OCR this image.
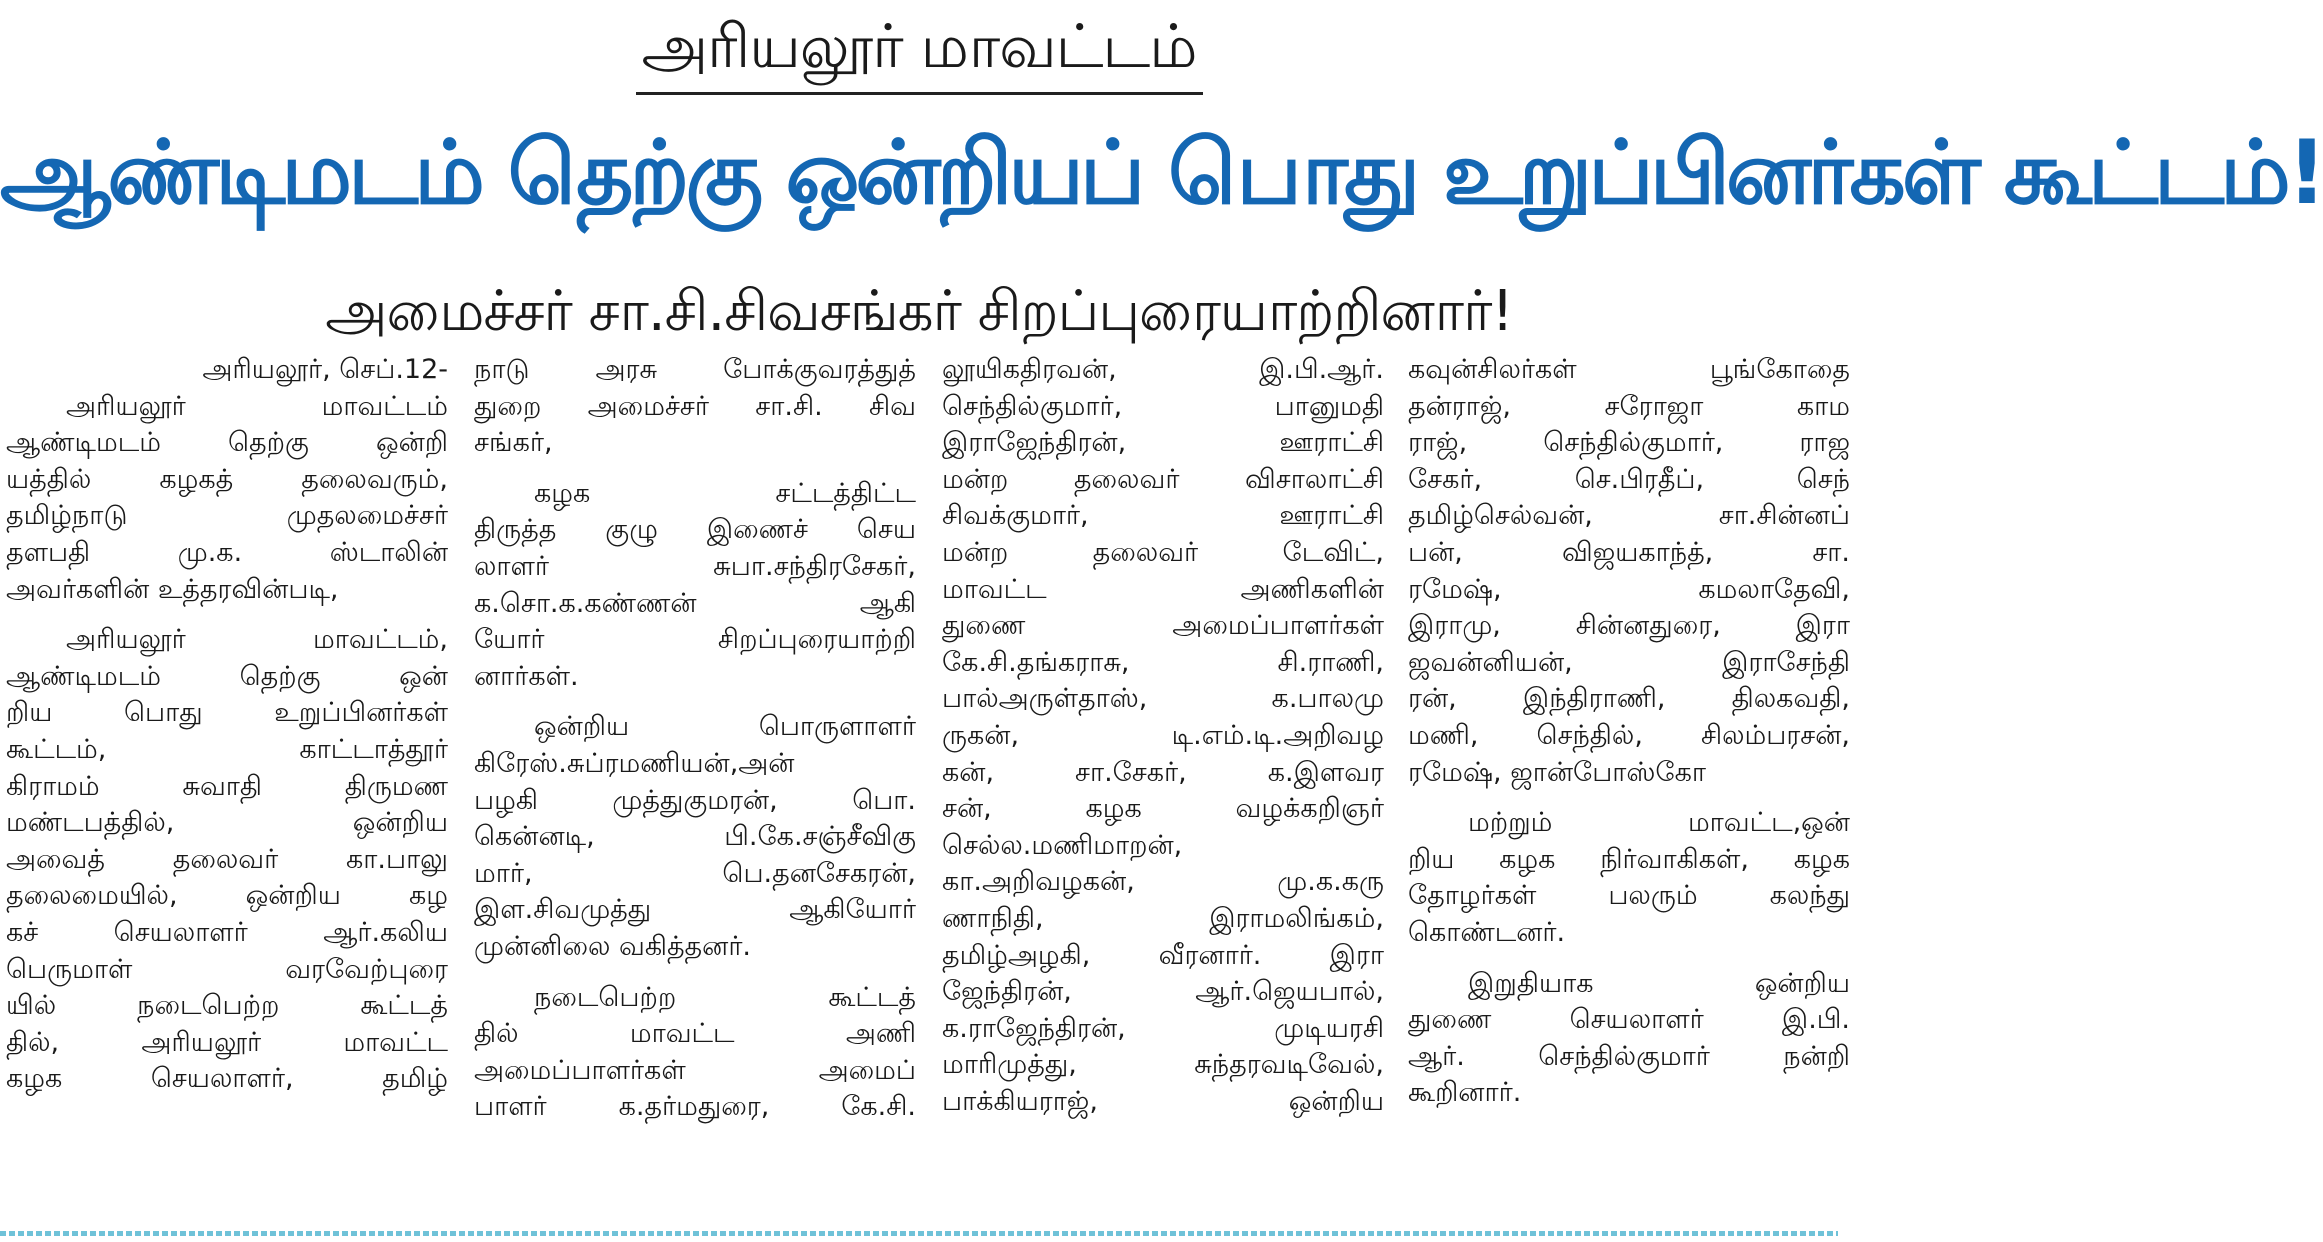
அரியலூர் மாவட்டம்
ஆண்டிமடம் தெற்கு ஒன்றியப் பொது உறுப்பினர்கள் கூட்டம்!
அமைச்சர் சா.சி.சிவசங்கர் சிறப்புரையாற்றினார்!
அரியலூர், செப்.12-
அரியலூர் மாவட்டம்
ஆண்டிமடம் தெற்கு ஒன்றி
யத்தில் கழகத் தலைவரும்,
தமிழ்நாடு முதலமைச்சர்
தளபதி மு.க. ஸ்டாலின்
அவர்களின் உத்தரவின்படி,
அரியலூர் மாவட்டம்,
ஆண்டிமடம் தெற்கு ஒன்
றிய பொது உறுப்பினர்கள்
கூட்டம், காட்டாத்தூர்
கிராமம் சுவாதி திருமண
மண்டபத்தில், ஒன்றிய
அவைத் தலைவர் கா.பாலு
தலைமையில், ஒன்றிய கழ
கச் செயலாளர் ஆர்.கலிய
பெருமாள் வரவேற்புரை
யில் நடைபெற்ற கூட்டத்
தில், அரியலூர் மாவட்ட
கழக செயலாளர், தமிழ்
நாடு அரசு போக்குவரத்துத்
துறை அமைச்சர் சா.சி. சிவ
சங்கர்,
கழக சட்டத்திட்ட
திருத்த குழு இணைச் செய
லாளர் சுபா.சந்திரசேகர்,
க.சொ.க.கண்ணன் ஆகி
யோர் சிறப்புரையாற்றி
னார்கள்.
ஒன்றிய பொருளாளர்
கிரேஸ்.சுப்ரமணியன்,அன்
பழகி முத்துகுமரன், பொ.
கென்னடி, பி.கே.சஞ்சீவிகு
மார், பெ.தனசேகரன்,
இள.சிவமுத்து ஆகியோர்
முன்னிலை வகித்தனர்.
நடைபெற்ற கூட்டத்
தில் மாவட்ட அணி
அமைப்பாளர்கள் அமைப்
பாளர் க.தர்மதுரை, கே.சி.
லூயிகதிரவன், இ.பி.ஆர்.
செந்தில்குமார், பானுமதி
இராஜேந்திரன், ஊராட்சி
மன்ற தலைவர் விசாலாட்சி
சிவக்குமார், ஊராட்சி
மன்ற தலைவர் டேவிட்,
மாவட்ட அணிகளின்
துணை அமைப்பாளர்கள்
கே.சி.தங்கராசு, சி.ராணி,
பால்அருள்தாஸ், க.பாலமு
ருகன், டி.எம்.டி.அறிவழ
கன், சா.சேகர், க.இளவர
சன், கழக வழக்கறிஞர்
செல்ல.மணிமாறன்,
கா.அறிவழகன், மு.க.கரு
ணாநிதி, இராமலிங்கம்,
தமிழ்அழகி, வீரனார். இரா
ஜேந்திரன், ஆர்.ஜெயபால்,
க.ராஜேந்திரன், முடியரசி
மாரிமுத்து, சுந்தரவடிவேல்,
பாக்கியராஜ், ஒன்றிய
கவுன்சிலர்கள் பூங்கோதை
தன்ராஜ், சரோஜா காம
ராஜ், செந்தில்குமார், ராஜ
சேகர், செ.பிரதீப், செந்
தமிழ்செல்வன், சா.சின்னப்
பன், விஜயகாந்த், சா.
ரமேஷ், கமலாதேவி,
இராமு, சின்னதுரை, இரா
ஜவன்னியன், இராசேந்தி
ரன், இந்திராணி, திலகவதி,
மணி, செந்தில், சிலம்பரசன்,
ரமேஷ், ஜான்போஸ்கோ
மற்றும் மாவட்ட,ஒன்
றிய கழக நிர்வாகிகள், கழக
தோழர்கள் பலரும் கலந்து
கொண்டனர்.
இறுதியாக ஒன்றிய
துணை செயலாளர் இ.பி.
ஆர். செந்தில்குமார் நன்றி
கூறினார்.
